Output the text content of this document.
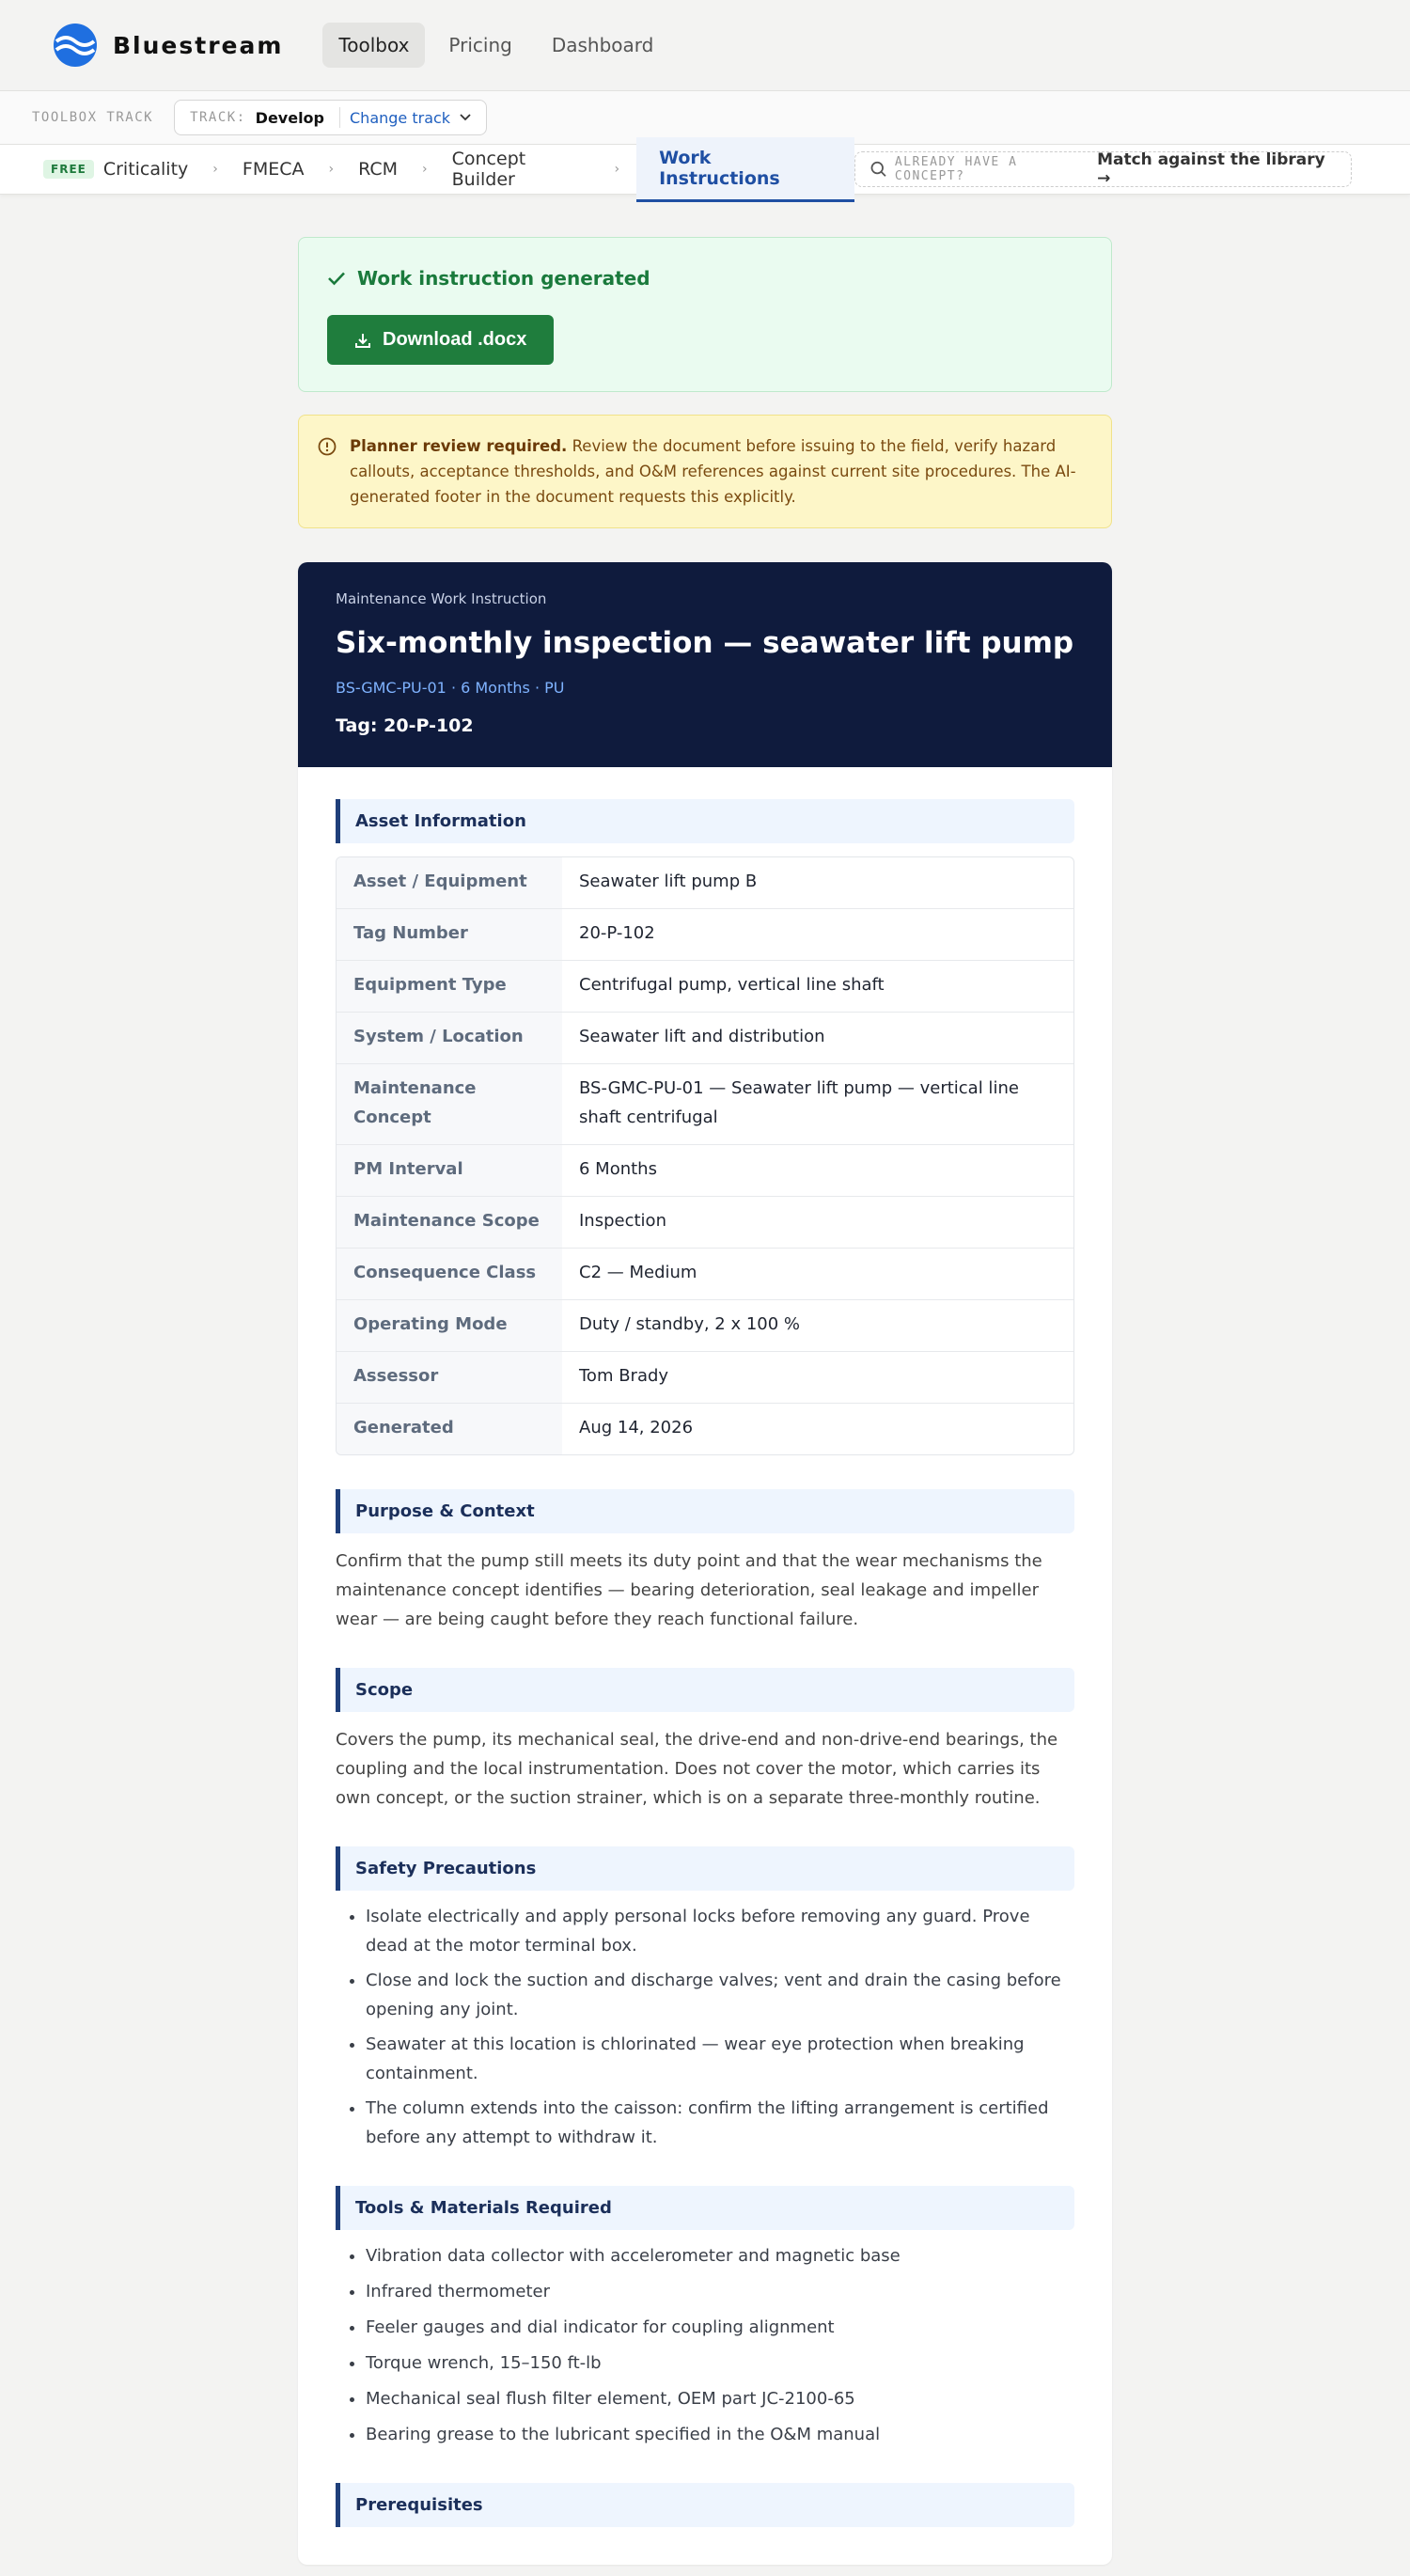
Bluestream	Toolbox	Pricing	Dashboard
TOOLBOX TRACK	TRACK: Develop Change track
FREE Criticality › FMECA › RCM › Concept Builder	›
Work Instructions
ALREADY HAVE A CONCEPT?
Match against the library →
Work instruction generated
Download .docx

Planner review required. Review the document before issuing to the field, verify hazard callouts, acceptance thresholds, and O&M references against current site procedures. The AI-generated footer in the document requests this explicitly.

Maintenance Work Instruction
Six-monthly inspection — seawater lift pump
BS-GMC-PU-01 · 6 Months · PU
Tag: 20-P-102
Asset Information
Asset / Equipment	Seawater lift pump B
Tag Number	20-P-102
Equipment Type	Centrifugal pump, vertical line shaft
System / Location	Seawater lift and distribution
Maintenance Concept	BS-GMC-PU-01 — Seawater lift pump — vertical line shaft centrifugal
PM Interval	6 Months
Maintenance Scope	Inspection
Consequence Class	C2 — Medium
Operating Mode	Duty / standby, 2 x 100 %
Assessor	Tom Brady
Generated	Aug 14, 2026
Purpose & Context

Confirm that the pump still meets its duty point and that the wear mechanisms the maintenance concept identifies — bearing deterioration, seal leakage and impeller wear — are being caught before they reach functional failure.

Scope

Covers the pump, its mechanical seal, the drive-end and non-drive-end bearings, the coupling and the local instrumentation. Does not cover the motor, which carries its own concept, or the suction strainer, which is on a separate three-monthly routine.

Safety Precautions
• Isolate electrically and apply personal locks before removing any guard. Prove dead at the motor terminal box.
• Close and lock the suction and discharge valves; vent and drain the casing before opening any joint.
• Seawater at this location is chlorinated — wear eye protection when breaking containment.
• The column extends into the caisson: confirm the lifting arrangement is certified before any attempt to withdraw it.
Tools & Materials Required
• Vibration data collector with accelerometer and magnetic base
• Infrared thermometer
• Feeler gauges and dial indicator for coupling alignment
• Torque wrench, 15–150 ft-lb
• Mechanical seal flush filter element, OEM part JC-2100-65
• Bearing grease to the lubricant specified in the O&M manual
Prerequisites
